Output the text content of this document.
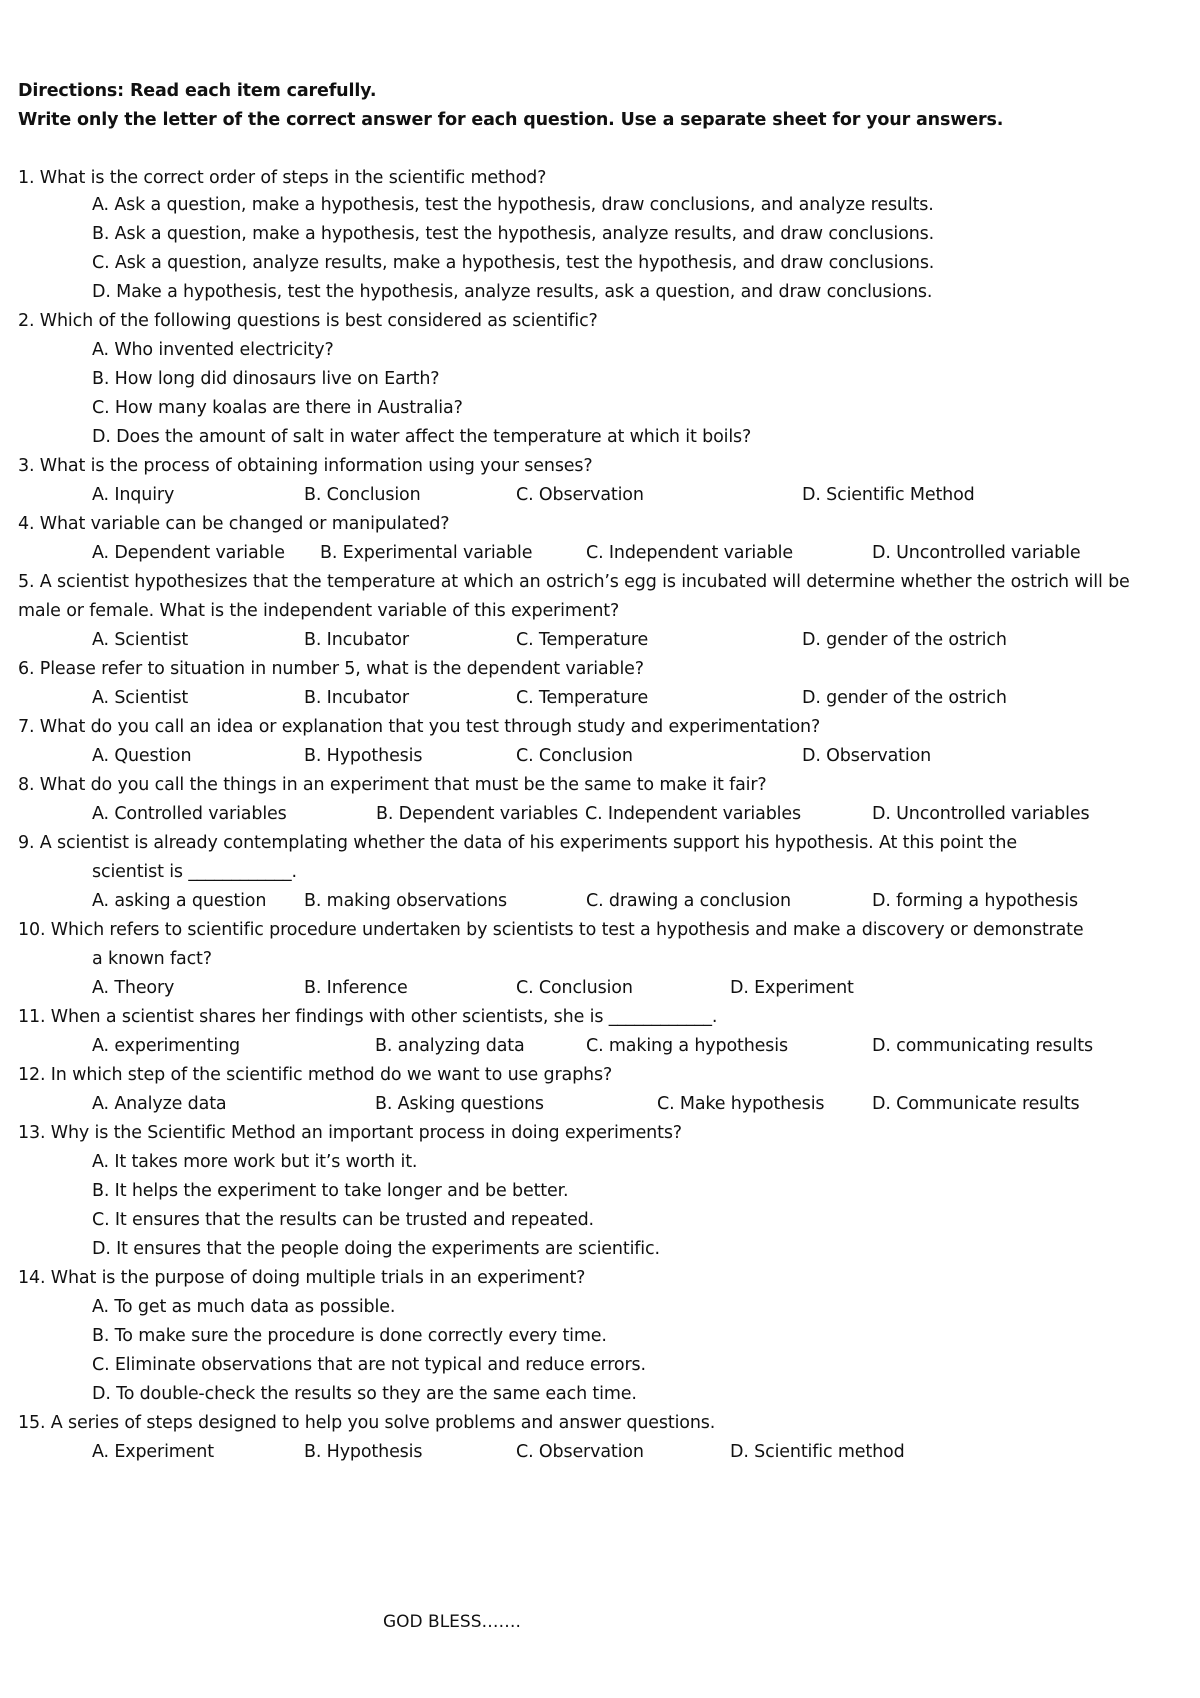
Directions: Read each item carefully.
Write only the letter of the correct answer for each question. Use a separate sheet for your answers.
GOD BLESS…….
1. What is the correct order of steps in the scientific method?
A. Ask a question, make a hypothesis, test the hypothesis, draw conclusions, and analyze results.
B. Ask a question, make a hypothesis, test the hypothesis, analyze results, and draw conclusions.
C. Ask a question, analyze results, make a hypothesis, test the hypothesis, and draw conclusions.
D. Make a hypothesis, test the hypothesis, analyze results, ask a question, and draw conclusions.
2. Which of the following questions is best considered as scientific?
A. Who invented electricity?
B. How long did dinosaurs live on Earth?
C. How many koalas are there in Australia?
D. Does the amount of salt in water affect the temperature at which it boils?
3. What is the process of obtaining information using your senses?
A. Inquiry	B. Conclusion	C. Observation	D. Scientific Method
4. What variable can be changed or manipulated?
A. Dependent variable B. Experimental variable	C. Independent variable	D. Uncontrolled variable
5. A scientist hypothesizes that the temperature at which an ostrich’s egg is incubated will determine whether the ostrich will be
male or female. What is the independent variable of this experiment?
A. Scientist	B. Incubator	C. Temperature	D. gender of the ostrich
6. Please refer to situation in number 5, what is the dependent variable?
A. Scientist	B. Incubator	C. Temperature	D. gender of the ostrich
7. What do you call an idea or explanation that you test through study and experimentation?
A. Question	B. Hypothesis	C. Conclusion	D. Observation
8. What do you call the things in an experiment that must be the same to make it fair?
A. Controlled variables	B. Dependent variables C. Independent variables	D. Uncontrolled variables
9. A scientist is already contemplating whether the data of his experiments support his hypothesis. At this point the
scientist is ____________.
A. asking a question B. making observations	C. drawing a conclusion	D. forming a hypothesis
10. Which refers to scientific procedure undertaken by scientists to test a hypothesis and make a discovery or demonstrate
a known fact?
A. Theory	B. Inference	C. Conclusion	D. Experiment
11. When a scientist shares her findings with other scientists, she is ____________.
A. experimenting	B. analyzing data	C. making a hypothesis	D. communicating results
12. In which step of the scientific method do we want to use graphs?
A. Analyze data	B. Asking questions	C. Make hypothesis	D. Communicate results
13. Why is the Scientific Method an important process in doing experiments?
A. It takes more work but it’s worth it.
B. It helps the experiment to take longer and be better.
C. It ensures that the results can be trusted and repeated.
D. It ensures that the people doing the experiments are scientific.
14. What is the purpose of doing multiple trials in an experiment?
A. To get as much data as possible.
B. To make sure the procedure is done correctly every time.
C. Eliminate observations that are not typical and reduce errors.
D. To double-check the results so they are the same each time.
15. A series of steps designed to help you solve problems and answer questions.
A. Experiment	B. Hypothesis	C. Observation	D. Scientific method
